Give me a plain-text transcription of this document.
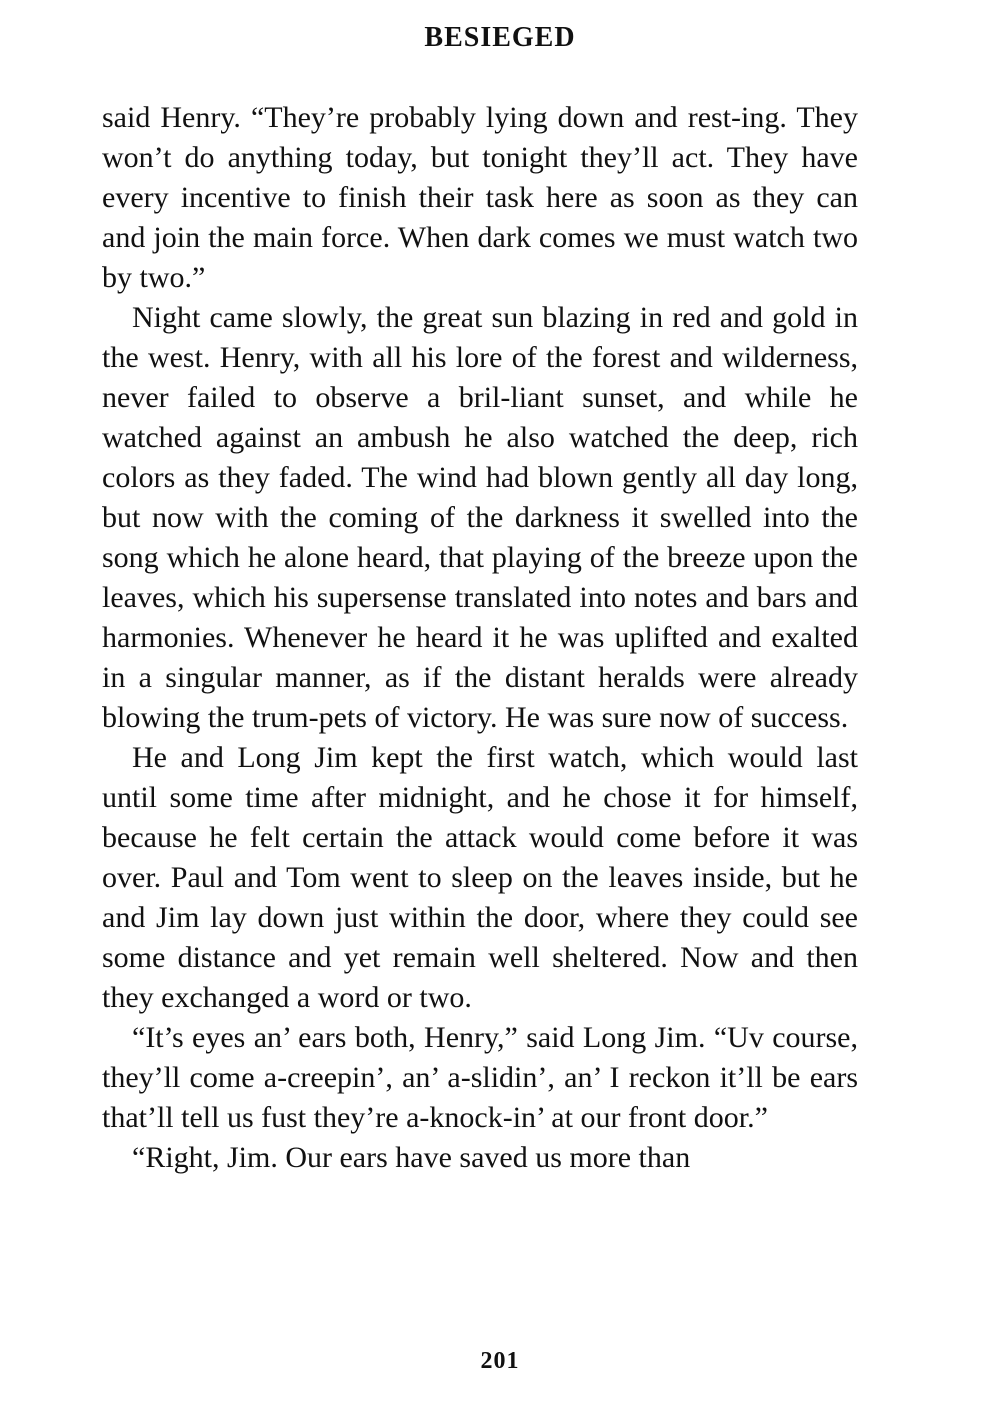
BESIEGED

said Henry. “They’re probably lying down and rest-ing. They won’t do anything today, but tonight they’ll act. They have every incentive to finish their task here as soon as they can and join the main force. When dark comes we must watch two by two.”

Night came slowly, the great sun blazing in red and gold in the west. Henry, with all his lore of the forest and wilderness, never failed to observe a bril-liant sunset, and while he watched against an ambush he also watched the deep, rich colors as they faded. The wind had blown gently all day long, but now with the coming of the darkness it swelled into the song which he alone heard, that playing of the breeze upon the leaves, which his supersense translated into notes and bars and harmonies. Whenever he heard it he was uplifted and exalted in a singular manner, as if the distant heralds were already blowing the trum-pets of victory. He was sure now of success.

He and Long Jim kept the first watch, which would last until some time after midnight, and he chose it for himself, because he felt certain the attack would come before it was over. Paul and Tom went to sleep on the leaves inside, but he and Jim lay down just within the door, where they could see some distance and yet remain well sheltered. Now and then they exchanged a word or two.

“It’s eyes an’ ears both, Henry,” said Long Jim. “Uv course, they’ll come a-creepin’, an’ a-slidin’, an’ I reckon it’ll be ears that’ll tell us fust they’re a-knock-in’ at our front door.”

“Right, Jim. Our ears have saved us more than

201
